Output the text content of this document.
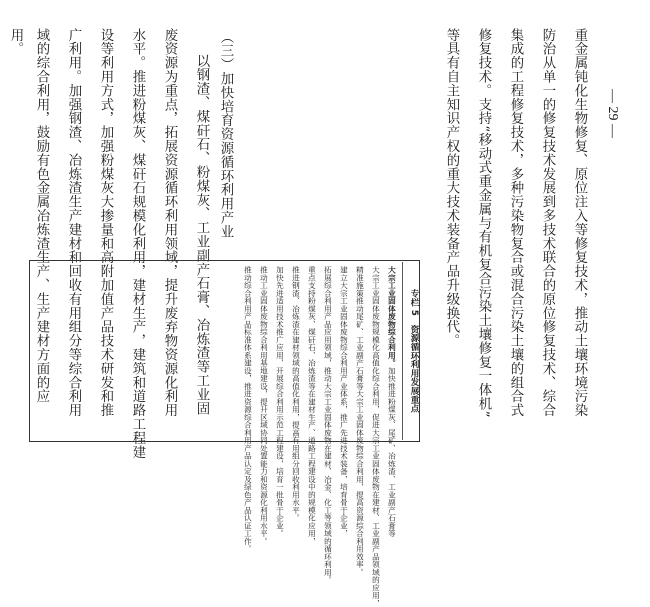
— 29 —
重金属钝化生物修复、原位注入等修复技术，推动土壤环境污染
防治从单一的修复技术发展到多技术联合的原位修复技术、综合
集成的工程修复技术，多种污染物复合或混合污染土壤的组合式
修复技术。支持“移动式重金属与有机复合污染土壤修复一体机”
等具有自主知识产权的重大技术装备产品升级换代。
（三）加快培育资源循环利用产业
以钢渣、煤矸石、粉煤灰、工业副产石膏、冶炼渣等工业固
废资源为重点，拓展资源循环利用领域，提升废弃物资源化利用
水平。推进粉煤灰、煤矸石规模化利用，建材生产，建筑和道路工程建
设等利用方式，加强粉煤灰大掺量和高附加值产品技术研发和推
广利用。加强钢渣、冶炼渣生产建材和回收有用组分等综合利用
域的综合利用，鼓励有色金属冶炼渣生产、生产建材方面的应
用。
专栏 5　资源循环利用发展重点
大宗工业固体废物综合利用。加快推进粉煤灰、尾矿、冶炼渣、工业副产石膏等
大宗工业固体废物规模化高值化综合利用，促进大宗工业固体废物在建材、工业副产品领域的应用，
精准施策推动尾矿、工业副产石膏等大宗工业固体废物综合利用，提高资源综合利用效率。
建立大宗工业固体废物综合利用产业体系，推广先进技术装备，培育骨干企业，
拓展综合利用产品应用领域，推动大宗工业固体废物在建材、冶金、化工等领域的循环利用。
重点支持粉煤灰、煤矸石、冶炼渣等在建材生产、道路工程建设中的规模化应用，
推进钢渣、冶炼渣在建材领域的高值化利用，提高有用组分回收利用水平。
加快先进适用技术推广应用，开展综合利用示范工程建设，培育一批骨干企业。
推动工业固体废物综合利用基地建设，提升区域协同处置能力和资源化利用水平。
推动综合利用产品标准体系建设，推进资源综合利用产品认定及绿色产品认证工作。
